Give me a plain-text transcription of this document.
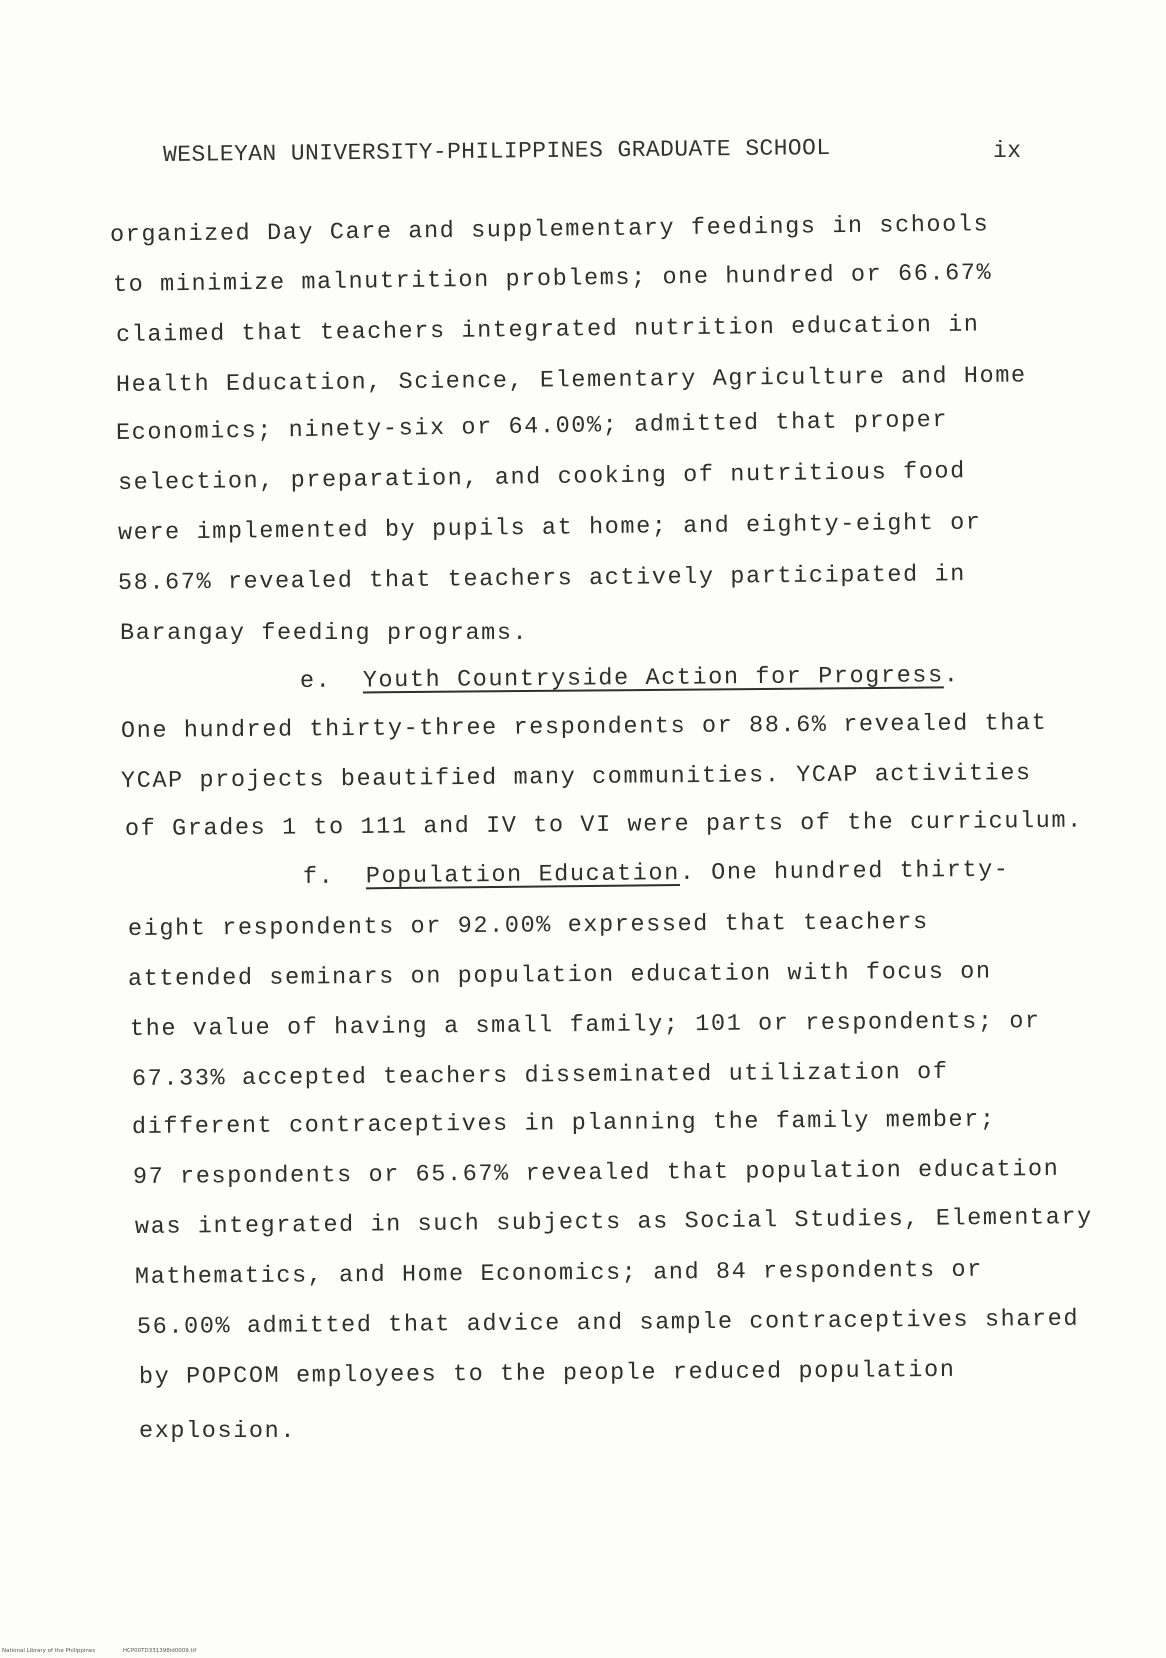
WESLEYAN UNIVERSITY-PHILIPPINES GRADUATE SCHOOL	ix
organized Day Care and supplementary feedings in schools
to minimize malnutrition problems; one hundred or 66.67%
claimed that teachers integrated nutrition education in
Health Education, Science, Elementary Agriculture and Home
Economics; ninety-six or 64.00%; admitted that proper
selection, preparation, and cooking of nutritious food
were implemented by pupils at home; and eighty-eight or
58.67% revealed that teachers actively participated in
Barangay feeding programs.
e. Youth Countryside Action for Progress.
One hundred thirty-three respondents or 88.6% revealed that
YCAP projects beautified many communities. YCAP activities
of Grades 1 to 111 and IV to VI were parts of the curriculum.
f. Population Education. One hundred thirty-
eight respondents or 92.00% expressed that teachers
attended seminars on population education with focus on
the value of having a small family; 101 or respondents; or
67.33% accepted teachers disseminated utilization of
different contraceptives in planning the family member;
97 respondents or 65.67% revealed that population education
was integrated in such subjects as Social Studies, Elementary
Mathematics, and Home Economics; and 84 respondents or
56.00% admitted that advice and sample contraceptives shared
by POPCOM employees to the people reduced population
explosion.
National Library of the Philippines	HCP00TD331398id0009.tif
